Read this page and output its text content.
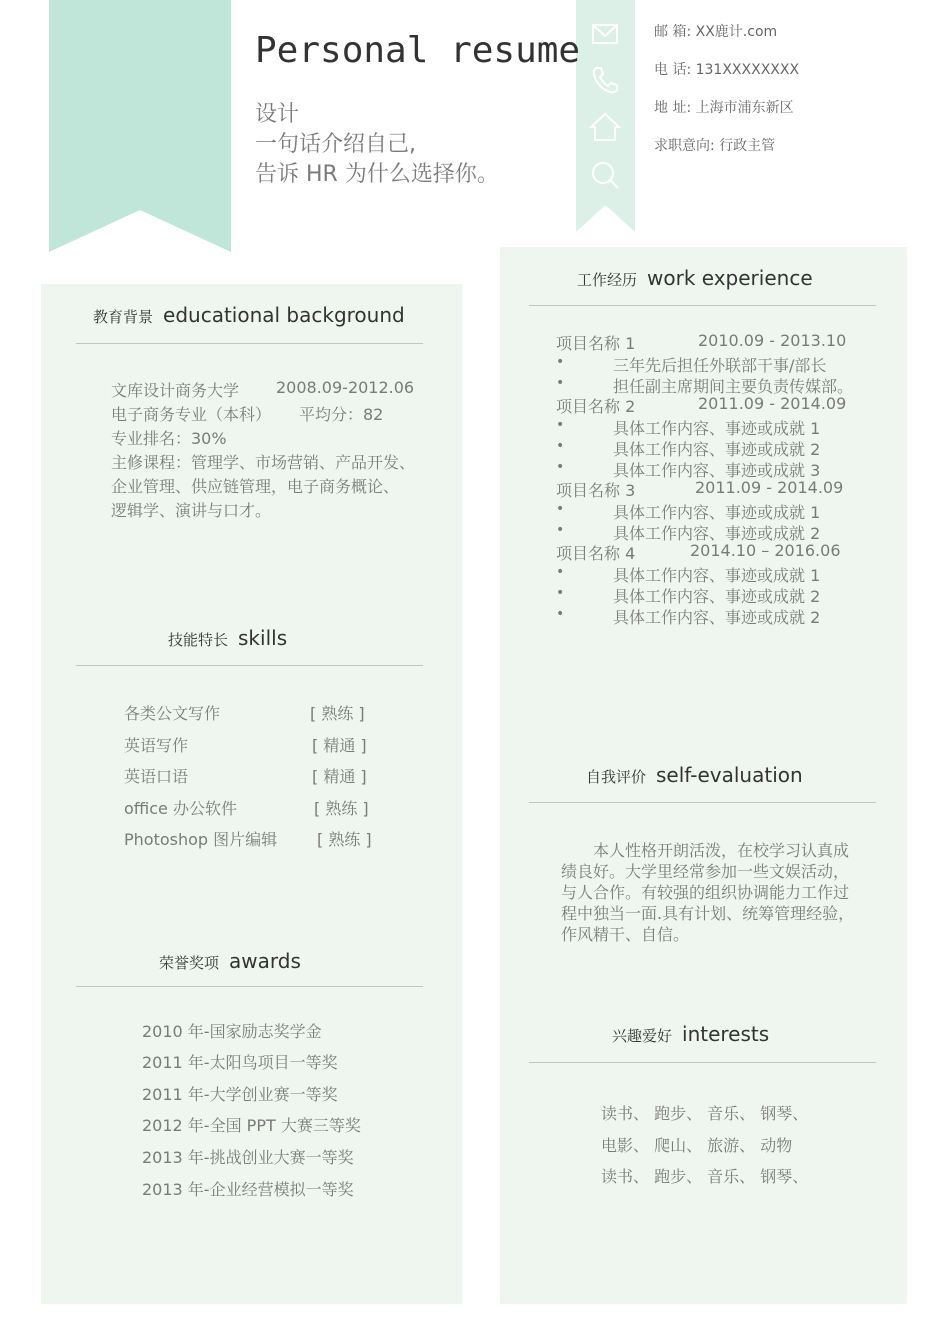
Personal resume
设计
一句话介绍自己,
告诉 HR 为什么选择你。
邮 箱: XX鹿计.com
电 话: 131XXXXXXXX
地 址: 上海市浦东新区
求职意向: 行政主管
教育背景 educational background
文库设计商务大学 2008.09-2012.06
电子商务专业（本科） 平均分：82
专业排名：30%
主修课程：管理学、市场营销、产品开发、
企业管理、供应链管理，电子商务概论、
逻辑学、演讲与口才。
技能特长 skills
各类公文写作	[ 熟练 ]
英语写作	[ 精通 ]
英语口语	[ 精通 ]
office 办公软件	[ 熟练 ]
Photoshop 图片编辑 [ 熟练 ]
荣誉奖项 awards
2010 年-国家励志奖学金
2011 年-太阳鸟项目一等奖
2011 年-大学创业赛一等奖
2012 年-全国 PPT 大赛三等奖
2013 年-挑战创业大赛一等奖
2013 年-企业经营模拟一等奖
工作经历 work experience
项目名称 1	2010.09 - 2013.10
•	三年先后担任外联部干事/部长
•	担任副主席期间主要负责传媒部。
项目名称 2	2011.09 - 2014.09
•	具体工作内容、事迹或成就 1
•	具体工作内容、事迹或成就 2
•	具体工作内容、事迹或成就 3
项目名称 3	2011.09 - 2014.09
•	具体工作内容、事迹或成就 1
•	具体工作内容、事迹或成就 2
项目名称 4	2014.10 – 2016.06
•	具体工作内容、事迹或成就 1
•	具体工作内容、事迹或成就 2
•	具体工作内容、事迹或成就 2
自我评价 self-evaluation
本人性格开朗活泼，在校学习认真成
绩良好。大学里经常参加一些文娱活动，
与人合作。有较强的组织协调能力工作过
程中独当一面.具有计划、统筹管理经验，
作风精干、自信。
兴趣爱好 interests
读书、 跑步、 音乐、 钢琴、
电影、 爬山、 旅游、 动物
读书、 跑步、 音乐、 钢琴、
